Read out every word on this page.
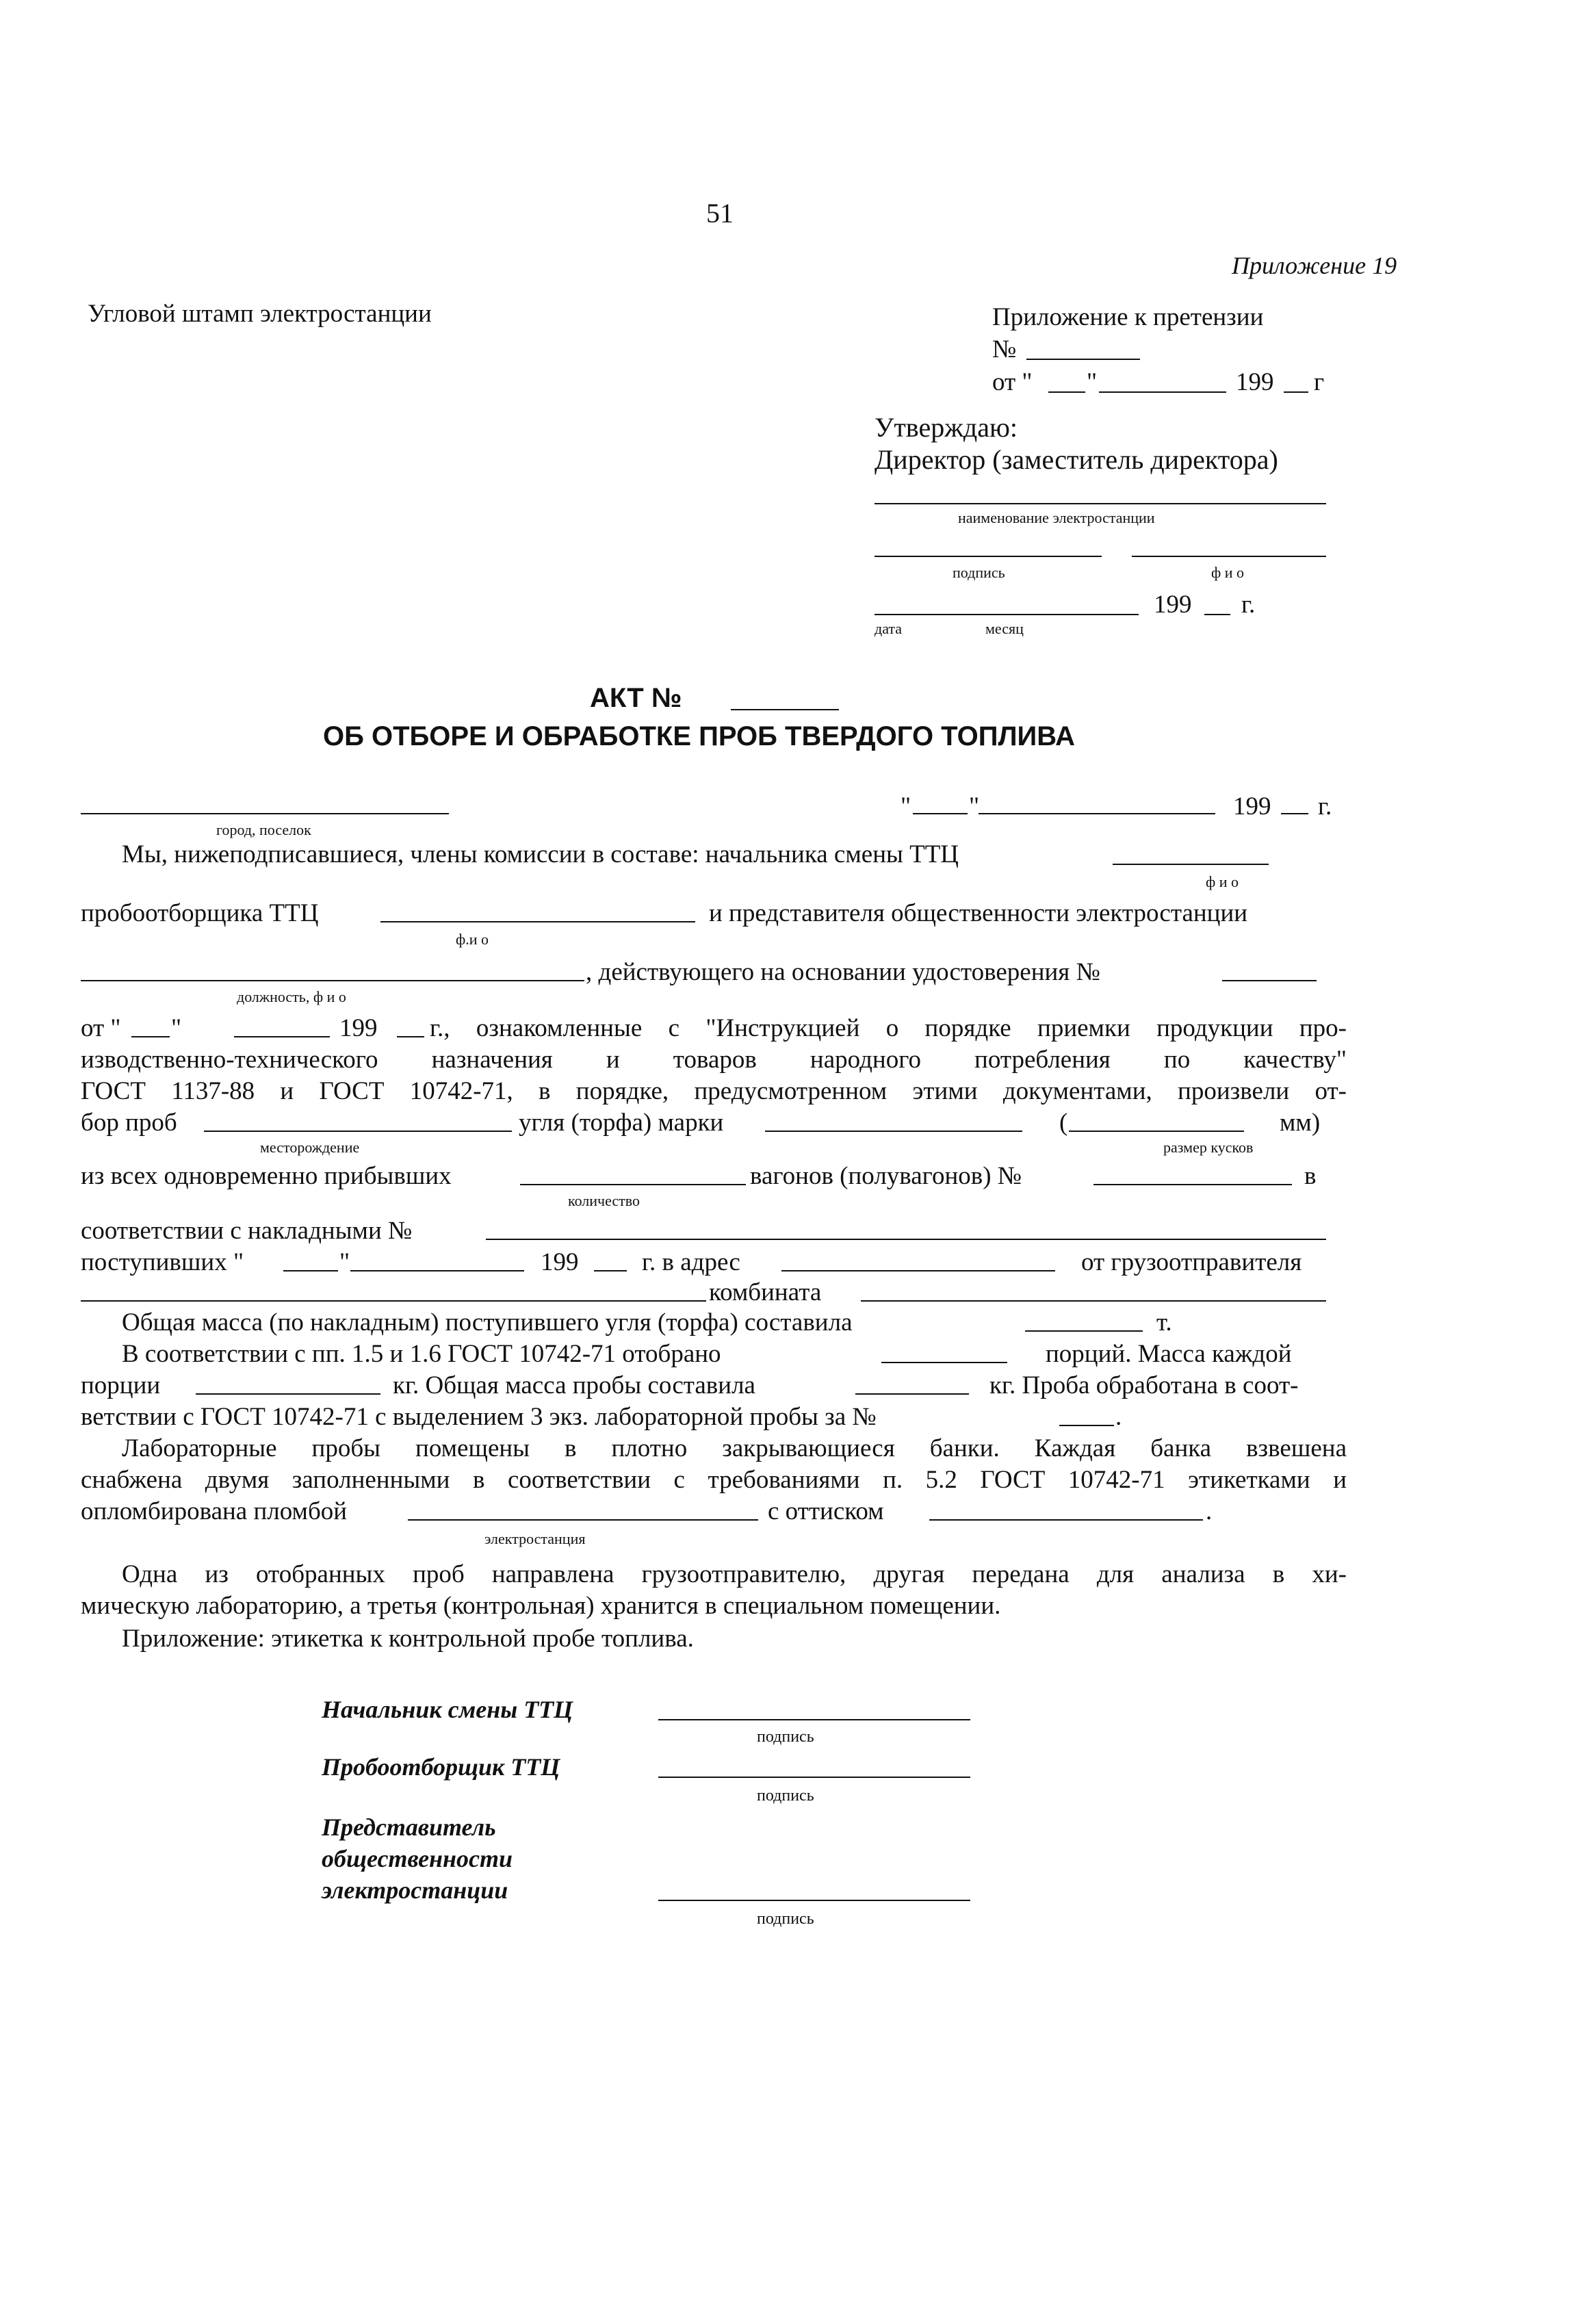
51
Приложение 19
Угловой штамп электростанции	Приложение к претензии
№
от " "	199 г
Утверждаю:
Директор (заместитель директора)
наименование электростанции
подпись	ф и о
199 г.
дата	месяц
АКТ №
ОБ ОТБОРЕ И ОБРАБОТКЕ ПРОБ ТВЕРДОГО ТОПЛИВА
город, поселок
" "	199 г.
Мы, нижеподписавшиеся, члены комиссии в составе: начальника смены ТТЦ
ф и о
пробоотборщика ТТЦ	и представителя общественности электростанции
ф.и о
, действующего на основании удостоверения №
должность, ф и о
от " "	199 г., ознакомленные с "Инструкцией о порядке приемки продукции про-
изводственно-технического назначения и товаров народного потребления по качеству"
ГОСТ 1137-88 и ГОСТ 10742-71, в порядке, предусмотренном этими документами, произвели от-
бор проб	угля (торфа) марки	(	мм)
месторождение	размер кусков
из всех одновременно прибывших	вагонов (полувагонов) №	в
количество
соответствии с накладными №
поступивших "	"	199	г. в адрес	от грузоотправителя
комбината
Общая масса (по накладным) поступившего угля (торфа) составила	т.
В соответствии с пп. 1.5 и 1.6 ГОСТ 10742-71 отобрано	порций. Масса каждой
порции	кг. Общая масса пробы составила	кг. Проба обработана в соот-
ветствии с ГОСТ 10742-71 с выделением 3 экз. лабораторной пробы за №	.
Лабораторные пробы помещены в плотно закрывающиеся банки. Каждая банка взвешена
снабжена двумя заполненными в соответствии с требованиями п. 5.2 ГОСТ 10742-71 этикетками и
опломбирована пломбой	с оттиском	.
электростанция
Одна из отобранных проб направлена грузоотправителю, другая передана для анализа в хи-
мическую лабораторию, а третья (контрольная) хранится в специальном помещении.
Приложение: этикетка к контрольной пробе топлива.
Начальник смены ТТЦ
подпись
Пробоотборщик ТТЦ
подпись
Представитель
общественности
электростанции
подпись
